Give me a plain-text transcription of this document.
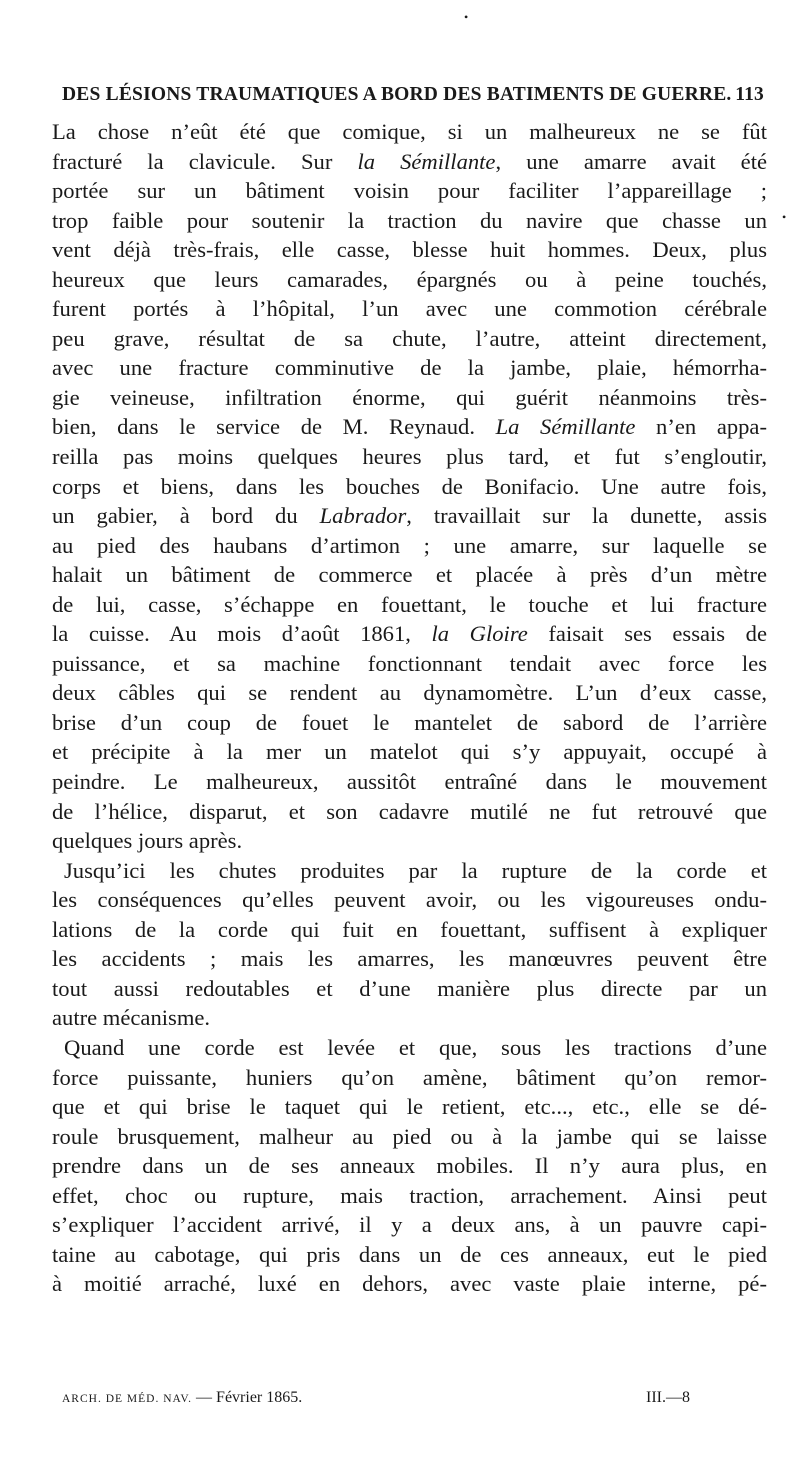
•
•
DES LÉSIONS TRAUMATIQUES A BORD DES BATIMENTS DE GUERRE. 113
La chose n’eût été que comique, si un malheureux ne se fût
fracturé la clavicule. Sur la Sémillante, une amarre avait été
portée sur un bâtiment voisin pour faciliter l’appareillage ;
trop faible pour soutenir la traction du navire que chasse un
vent déjà très-frais, elle casse, blesse huit hommes. Deux, plus
heureux que leurs camarades, épargnés ou à peine touchés,
furent portés à l’hôpital, l’un avec une commotion cérébrale
peu grave, résultat de sa chute, l’autre, atteint directement,
avec une fracture comminutive de la jambe, plaie, hémorrha-
gie veineuse, infiltration énorme, qui guérit néanmoins très-
bien, dans le service de M. Reynaud. La Sémillante n’en appa-
reilla pas moins quelques heures plus tard, et fut s’engloutir,
corps et biens, dans les bouches de Bonifacio. Une autre fois,
un gabier, à bord du Labrador, travaillait sur la dunette, assis
au pied des haubans d’artimon ; une amarre, sur laquelle se
halait un bâtiment de commerce et placée à près d’un mètre
de lui, casse, s’échappe en fouettant, le touche et lui fracture
la cuisse. Au mois d’août 1861, la Gloire faisait ses essais de
puissance, et sa machine fonctionnant tendait avec force les
deux câbles qui se rendent au dynamomètre. L’un d’eux casse,
brise d’un coup de fouet le mantelet de sabord de l’arrière
et précipite à la mer un matelot qui s’y appuyait, occupé à
peindre. Le malheureux, aussitôt entraîné dans le mouvement
de l’hélice, disparut, et son cadavre mutilé ne fut retrouvé que
quelques jours après.
Jusqu’ici les chutes produites par la rupture de la corde et
les conséquences qu’elles peuvent avoir, ou les vigoureuses ondu-
lations de la corde qui fuit en fouettant, suffisent à expliquer
les accidents ; mais les amarres, les manœuvres peuvent être
tout aussi redoutables et d’une manière plus directe par un
autre mécanisme.
Quand une corde est levée et que, sous les tractions d’une
force puissante, huniers qu’on amène, bâtiment qu’on remor-
que et qui brise le taquet qui le retient, etc..., etc., elle se dé-
roule brusquement, malheur au pied ou à la jambe qui se laisse
prendre dans un de ses anneaux mobiles. Il n’y aura plus, en
effet, choc ou rupture, mais traction, arrachement. Ainsi peut
s’expliquer l’accident arrivé, il y a deux ans, à un pauvre capi-
taine au cabotage, qui pris dans un de ces anneaux, eut le pied
à moitié arraché, luxé en dehors, avec vaste plaie interne, pé-
ARCH. DE MÉD. NAV. — Février 1865.	III.—8
